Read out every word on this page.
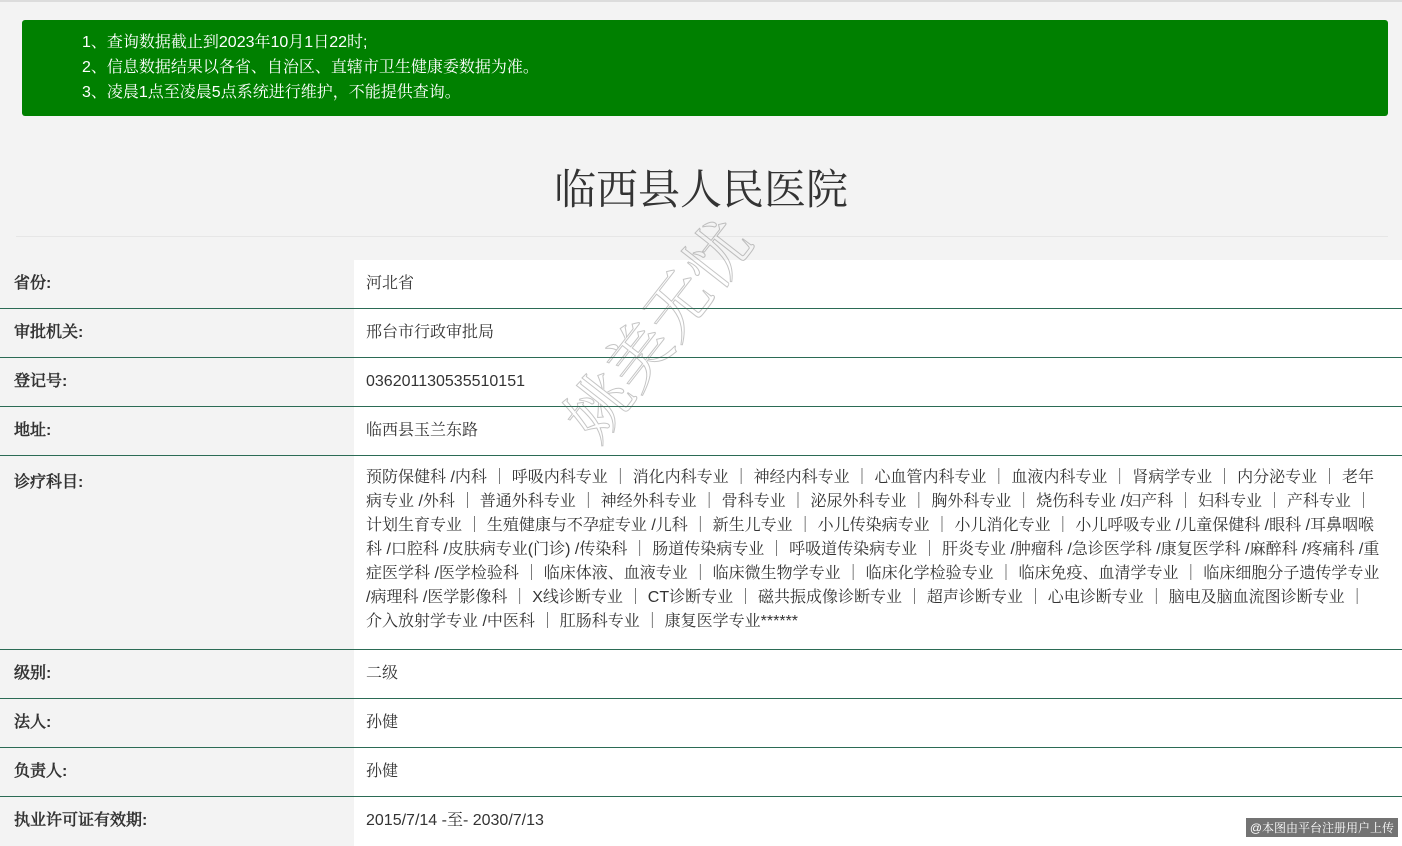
1、查询数据截止到2023年10月1日22时;
2、信息数据结果以各省、自治区、直辖市卫生健康委数据为准。
3、凌晨1点至凌晨5点系统进行维护，不能提供查询。
临西县人民医院
省份:	河北省
审批机关:	邢台市行政审批局
登记号:	036201130535510151
地址:	临西县玉兰东路
诊疗科目:	预防保健科 /内科 ｜ 呼吸内科专业 ｜ 消化内科专业 ｜ 神经内科专业 ｜ 心血管内科专业 ｜ 血液内科专业 ｜ 肾病学专业 ｜ 内分泌专业 ｜ 老年病专业 /外科 ｜ 普通外科专业 ｜ 神经外科专业 ｜ 骨科专业 ｜ 泌尿外科专业 ｜ 胸外科专业 ｜ 烧伤科专业 /妇产科 ｜ 妇科专业 ｜ 产科专业 ｜ 计划生育专业 ｜ 生殖健康与不孕症专业 /儿科 ｜ 新生儿专业 ｜ 小儿传染病专业 ｜ 小儿消化专业 ｜ 小儿呼吸专业 /儿童保健科 /眼科 /耳鼻咽喉科 /口腔科 /皮肤病专业(门诊) /传染科 ｜ 肠道传染病专业 ｜ 呼吸道传染病专业 ｜ 肝炎专业 /肿瘤科 /急诊医学科 /康复医学科 /麻醉科 /疼痛科 /重症医学科 /医学检验科 ｜ 临床体液、血液专业 ｜ 临床微生物学专业 ｜ 临床化学检验专业 ｜ 临床免疫、血清学专业 ｜ 临床细胞分子遗传学专业 /病理科 /医学影像科 ｜ X线诊断专业 ｜ CT诊断专业 ｜ 磁共振成像诊断专业 ｜ 超声诊断专业 ｜ 心电诊断专业 ｜ 脑电及脑血流图诊断专业 ｜ 介入放射学专业 /中医科 ｜ 肛肠科专业 ｜ 康复医学专业******
级别:	二级
法人:	孙健
负责人:	孙健
执业许可证有效期:	2015/7/14 -至- 2030/7/13	@本图由平台注册用户上传
